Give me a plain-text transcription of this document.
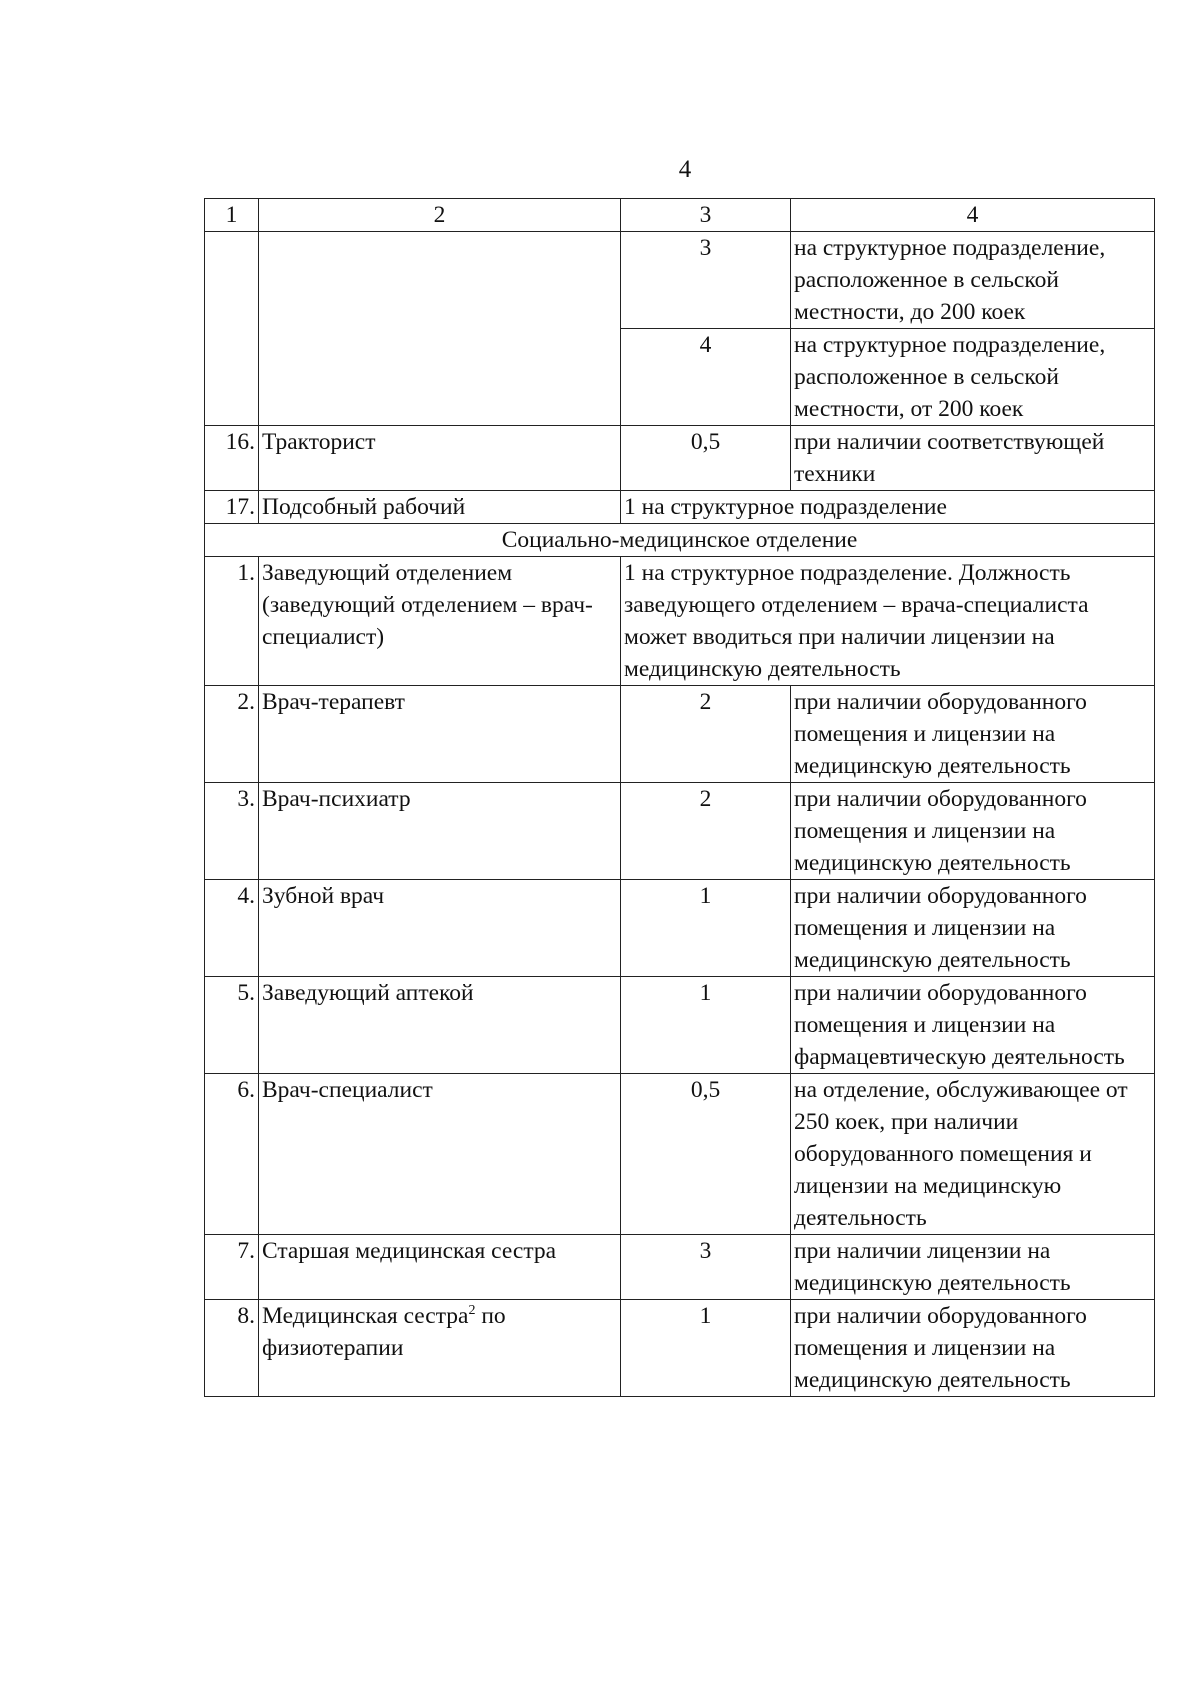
4
1	2	3	4
		3	на структурное подразделение, расположенное в сельской местности, до 200 коек
		4	на структурное подразделение, расположенное в сельской местности, от 200 коек
16.	Тракторист	0,5	при наличии соответствующей техники
17.	Подсобный рабочий	1 на структурное подразделение	
Социально-медицинское отделение			
1.	Заведующий отделением (заведующий отделением – врач-специалист)	1 на структурное подразделение. Должность заведующего отделением – врача-специалиста может вводиться при наличии лицензии на медицинскую деятельность	
2.	Врач-терапевт	2	при наличии оборудованного помещения и лицензии на медицинскую деятельность
3.	Врач-психиатр	2	при наличии оборудованного помещения и лицензии на медицинскую деятельность
4.	Зубной врач	1	при наличии оборудованного помещения и лицензии на медицинскую деятельность
5.	Заведующий аптекой	1	при наличии оборудованного помещения и лицензии на фармацевтическую деятельность
6.	Врач-специалист	0,5	на отделение, обслуживающее от 250 коек, при наличии оборудованного помещения и лицензии на медицинскую деятельность
7.	Старшая медицинская сестра	3	при наличии лицензии на медицинскую деятельность
8.	Медицинская сестра$^2$ по физиотерапии	1	при наличии оборудованного помещения и лицензии на медицинскую деятельность
